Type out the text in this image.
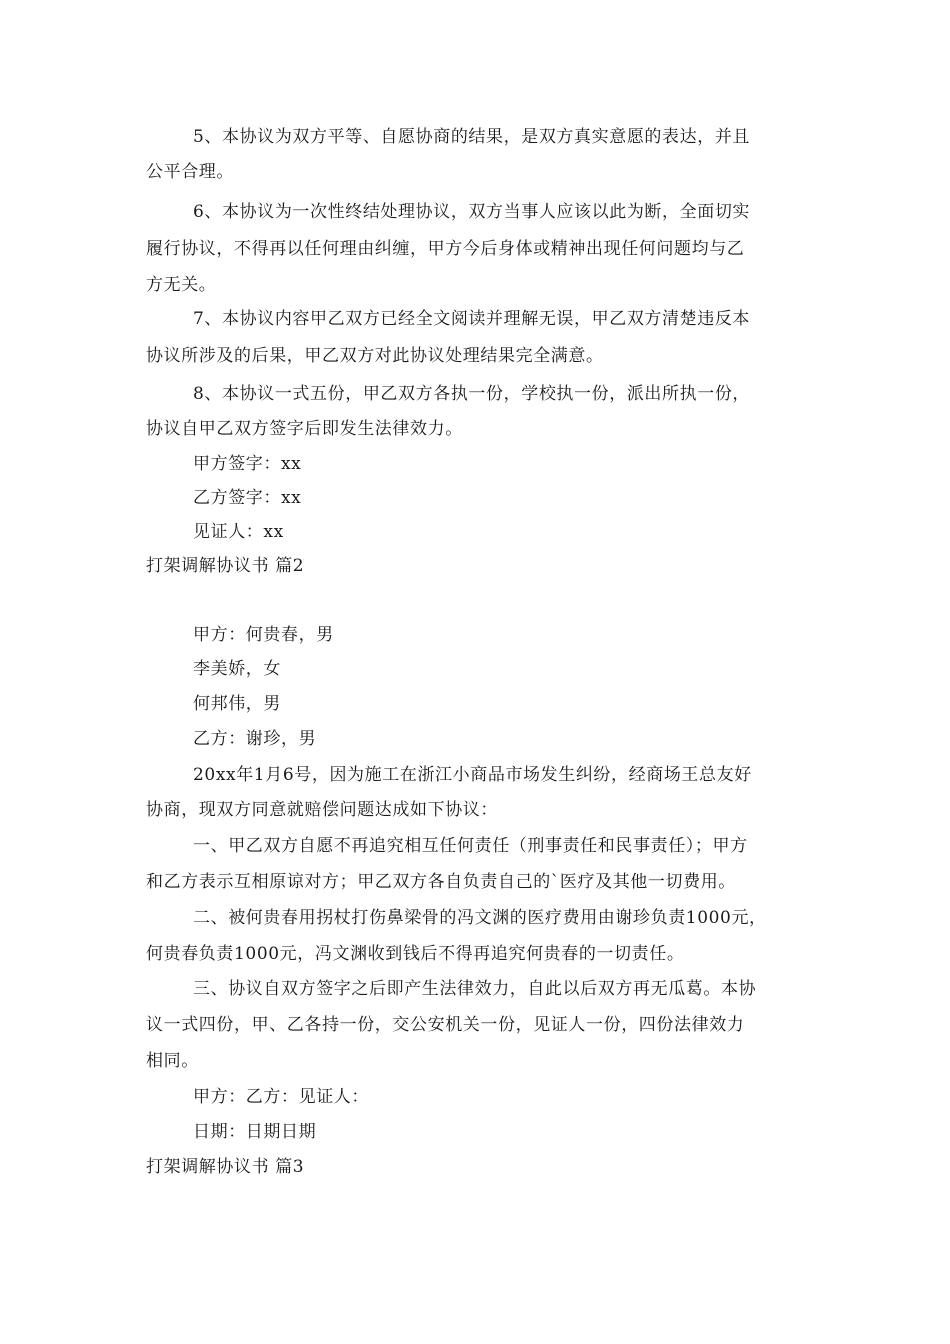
5、本协议为双方平等、自愿协商的结果，是双方真实意愿的表达，并且
公平合理。
6、本协议为一次性终结处理协议，双方当事人应该以此为断，全面切实
履行协议，不得再以任何理由纠缠，甲方今后身体或精神出现任何问题均与乙
方无关。
7、本协议内容甲乙双方已经全文阅读并理解无误，甲乙双方清楚违反本
协议所涉及的后果，甲乙双方对此协议处理结果完全满意。
8、本协议一式五份，甲乙双方各执一份，学校执一份，派出所执一份，
协议自甲乙双方签字后即发生法律效力。
甲方签字：xx
乙方签字：xx
见证人：xx
打架调解协议书 篇2
甲方：何贵春，男
李美娇，女
何邦伟，男
乙方：谢珍，男
20xx年1月6号，因为施工在浙江小商品市场发生纠纷，经商场王总友好
协商，现双方同意就赔偿问题达成如下协议：
一、甲乙双方自愿不再追究相互任何责任（刑事责任和民事责任）；甲方
和乙方表示互相原谅对方；甲乙双方各自负责自己的`医疗及其他一切费用。
二、被何贵春用拐杖打伤鼻梁骨的冯文渊的医疗费用由谢珍负责1000元，
何贵春负责1000元，冯文渊收到钱后不得再追究何贵春的一切责任。
三、协议自双方签字之后即产生法律效力，自此以后双方再无瓜葛。本协
议一式四份，甲、乙各持一份，交公安机关一份，见证人一份，四份法律效力
相同。
甲方：乙方：见证人：
日期：日期日期
打架调解协议书 篇3
